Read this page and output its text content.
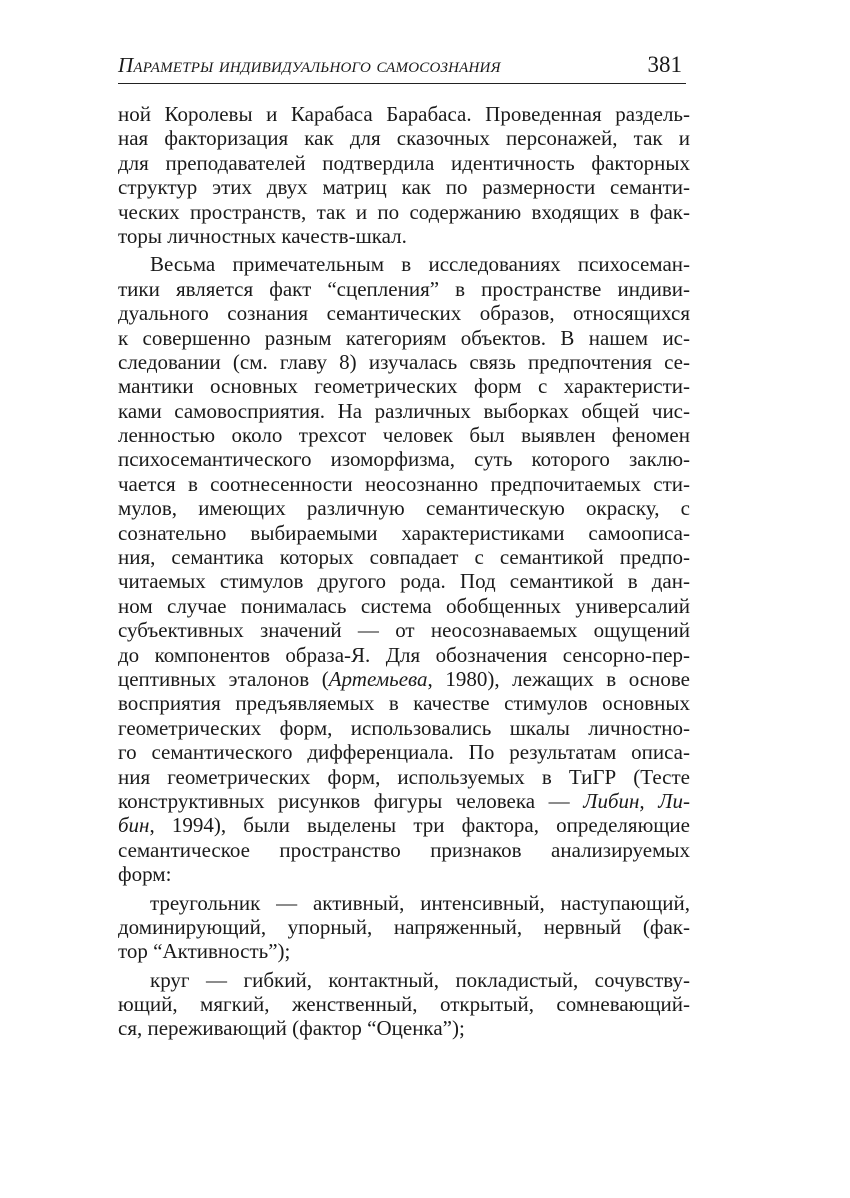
Параметры индивидуального самосознания	381
ной Королевы и Карабаса Барабаса. Проведенная раздель-
ная факторизация как для сказочных персонажей, так и
для преподавателей подтвердила идентичность факторных
структур этих двух матриц как по размерности семанти-
ческих пространств, так и по содержанию входящих в фак-
торы личностных качеств-шкал.
Весьма примечательным в исследованиях психосеман-
тики является факт “сцепления” в пространстве индиви-
дуального сознания семантических образов, относящихся
к совершенно разным категориям объектов. В нашем ис-
следовании (см. главу 8) изучалась связь предпочтения се-
мантики основных геометрических форм с характеристи-
ками самовосприятия. На различных выборках общей чис-
ленностью около трехсот человек был выявлен феномен
психосемантического изоморфизма, суть которого заклю-
чается в соотнесенности неосознанно предпочитаемых сти-
мулов, имеющих различную семантическую окраску, с
сознательно выбираемыми характеристиками самоописа-
ния, семантика которых совпадает с семантикой предпо-
читаемых стимулов другого рода. Под семантикой в дан-
ном случае понималась система обобщенных универсалий
субъективных значений — от неосознаваемых ощущений
до компонентов образа-Я. Для обозначения сенсорно-пер-
цептивных эталонов (Артемьева, 1980), лежащих в основе
восприятия предъявляемых в качестве стимулов основных
геометрических форм, использовались шкалы личностно-
го семантического дифференциала. По результатам описа-
ния геометрических форм, используемых в ТиГР (Тесте
конструктивных рисунков фигуры человека — Либин, Ли-
бин, 1994), были выделены три фактора, определяющие
семантическое пространство признаков анализируемых
форм:
треугольник — активный, интенсивный, наступающий,
доминирующий, упорный, напряженный, нервный (фак-
тор “Активность”);
круг — гибкий, контактный, покладистый, сочувству-
ющий, мягкий, женственный, открытый, сомневающий-
ся, переживающий (фактор “Оценка”);
